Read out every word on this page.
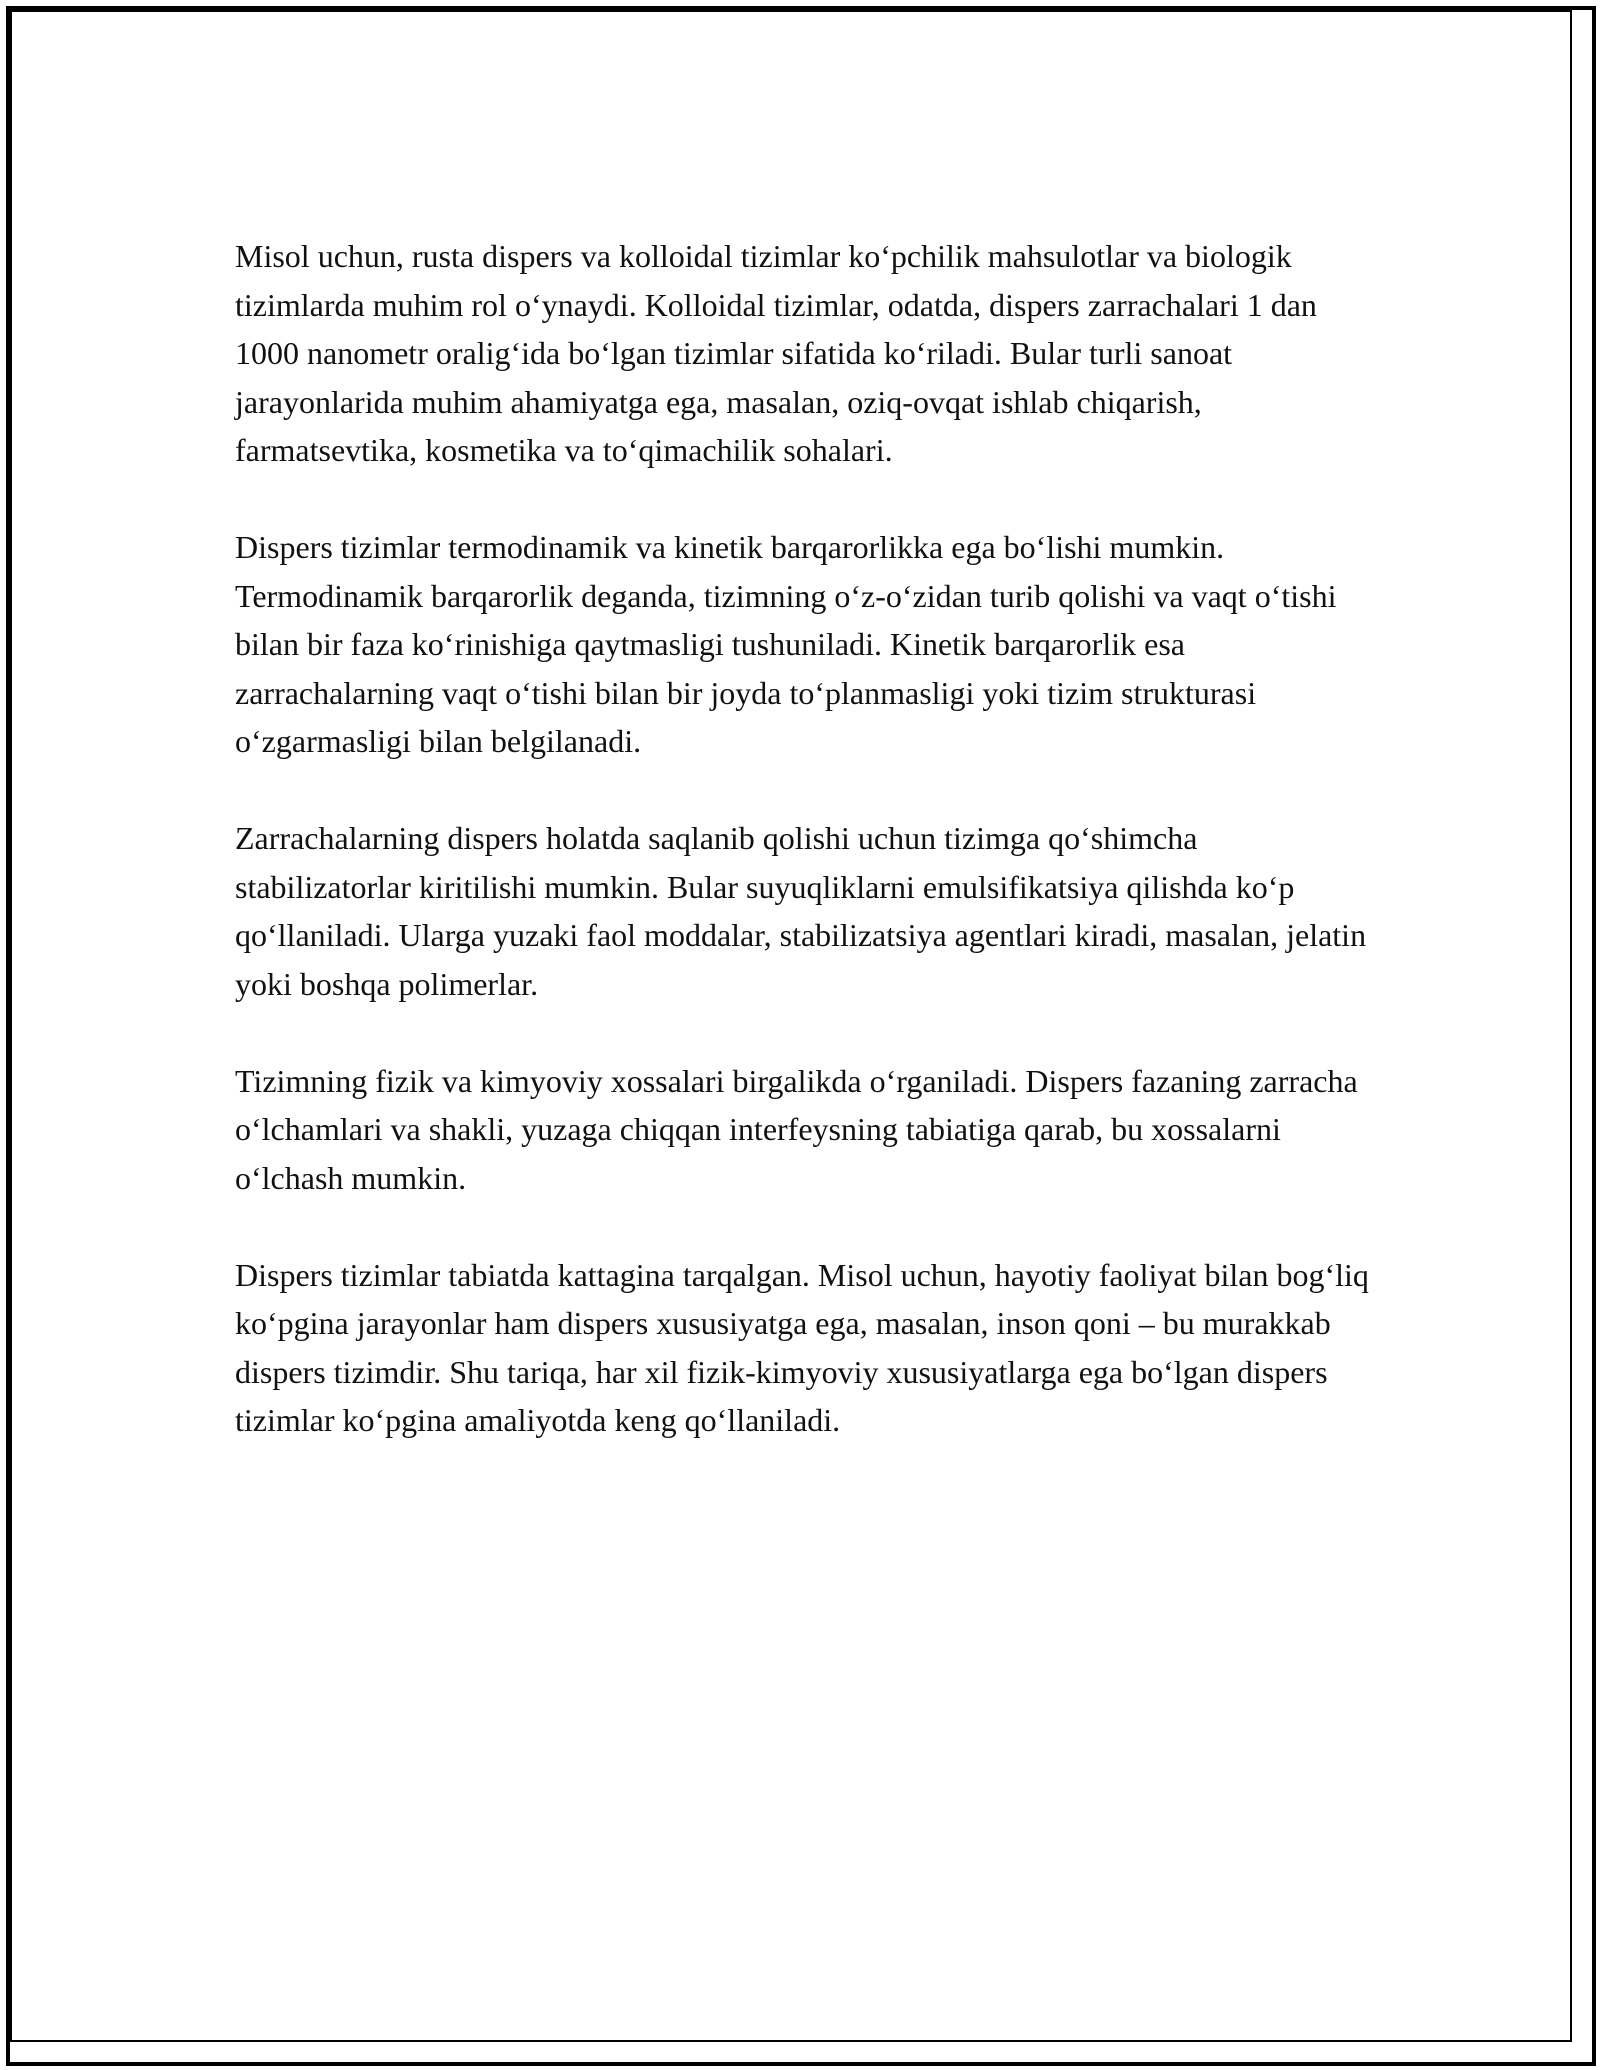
Misol uchun, rusta dispers va kolloidal tizimlar koʻpchilik mahsulotlar va biologik tizimlarda muhim rol oʻynaydi. Kolloidal tizimlar, odatda, dispers zarrachalari 1 dan 1000 nanometr oraligʻida boʻlgan tizimlar sifatida koʻriladi. Bular turli sanoat jarayonlarida muhim ahamiyatga ega, masalan, oziq-ovqat ishlab chiqarish, farmatsevtika, kosmetika va toʻqimachilik sohalari.

Dispers tizimlar termodinamik va kinetik barqarorlikka ega boʻlishi mumkin. Termodinamik barqarorlik deganda, tizimning oʻz-oʻzidan turib qolishi va vaqt oʻtishi bilan bir faza koʻrinishiga qaytmasligi tushuniladi. Kinetik barqarorlik esa zarrachalarning vaqt oʻtishi bilan bir joyda toʻplanmasligi yoki tizim strukturasi oʻzgarmasligi bilan belgilanadi.

Zarrachalarning dispers holatda saqlanib qolishi uchun tizimga qoʻshimcha stabilizatorlar kiritilishi mumkin. Bular suyuqliklarni emulsifikatsiya qilishda koʻp qoʻllaniladi. Ularga yuzaki faol moddalar, stabilizatsiya agentlari kiradi, masalan, jelatin yoki boshqa polimerlar.

Tizimning fizik va kimyoviy xossalari birgalikda oʻrganiladi. Dispers fazaning zarracha oʻlchamlari va shakli, yuzaga chiqqan interfeysning tabiatiga qarab, bu xossalarni oʻlchash mumkin.

Dispers tizimlar tabiatda kattagina tarqalgan. Misol uchun, hayotiy faoliyat bilan bogʻliq koʻpgina jarayonlar ham dispers xususiyatga ega, masalan, inson qoni – bu murakkab dispers tizimdir. Shu tariqa, har xil fizik-kimyoviy xususiyatlarga ega boʻlgan dispers tizimlar koʻpgina amaliyotda keng qoʻllaniladi.
